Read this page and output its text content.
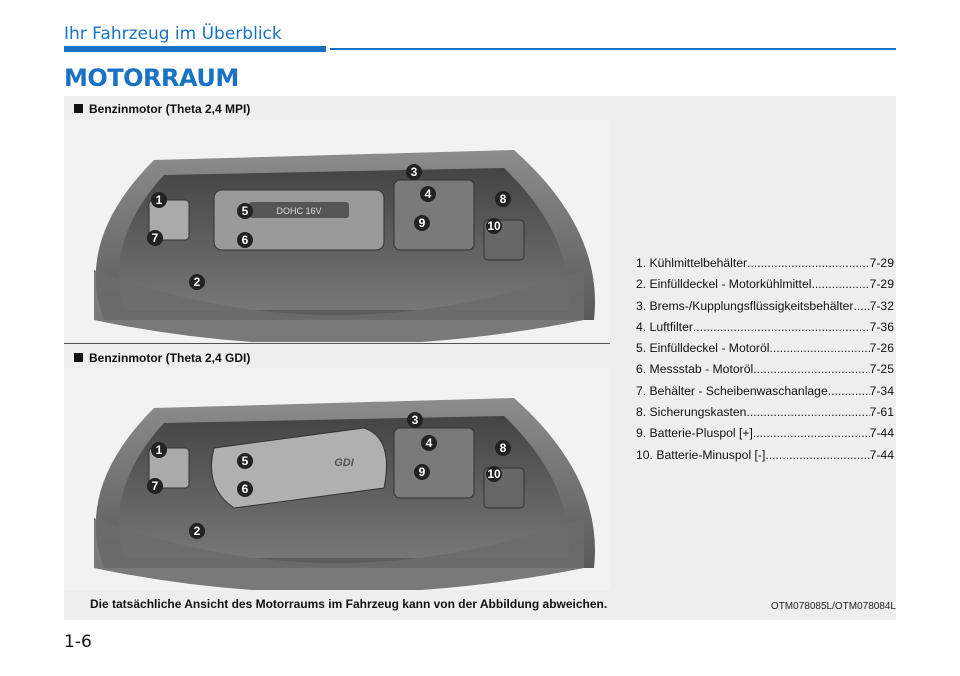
Ihr Fahrzeug im Überblick
MOTORRAUM
Benzinmotor (Theta 2,4 MPI)
DOHC 16V
1
2
3
4
5
6
7
8
9	10
Benzinmotor (Theta 2,4 GDI)
GDI
1
2
3
4
5
6
7
8
9	10
1. Kühlmittelbehälter .....	7-29
2. Einfülldeckel - Motorkühlmittel .....	7-29
3. Brems-/Kupplungsflüssigkeitsbehälter ..... 7-32
4. Luftfilter .....	7-36
5. Einfülldeckel - Motoröl .....	7-26
6. Messstab - Motoröl .....	7-25
7. Behälter - Scheibenwaschanlage .....	7-34
8. Sicherungskasten .....	7-61
9. Batterie-Pluspol [+] .....	7-44
10. Batterie-Minuspol [-] .....	7-44
Die tatsächliche Ansicht des Motorraums im Fahrzeug kann von der Abbildung abweichen.	OTM078085L/OTM078084L
1-6
